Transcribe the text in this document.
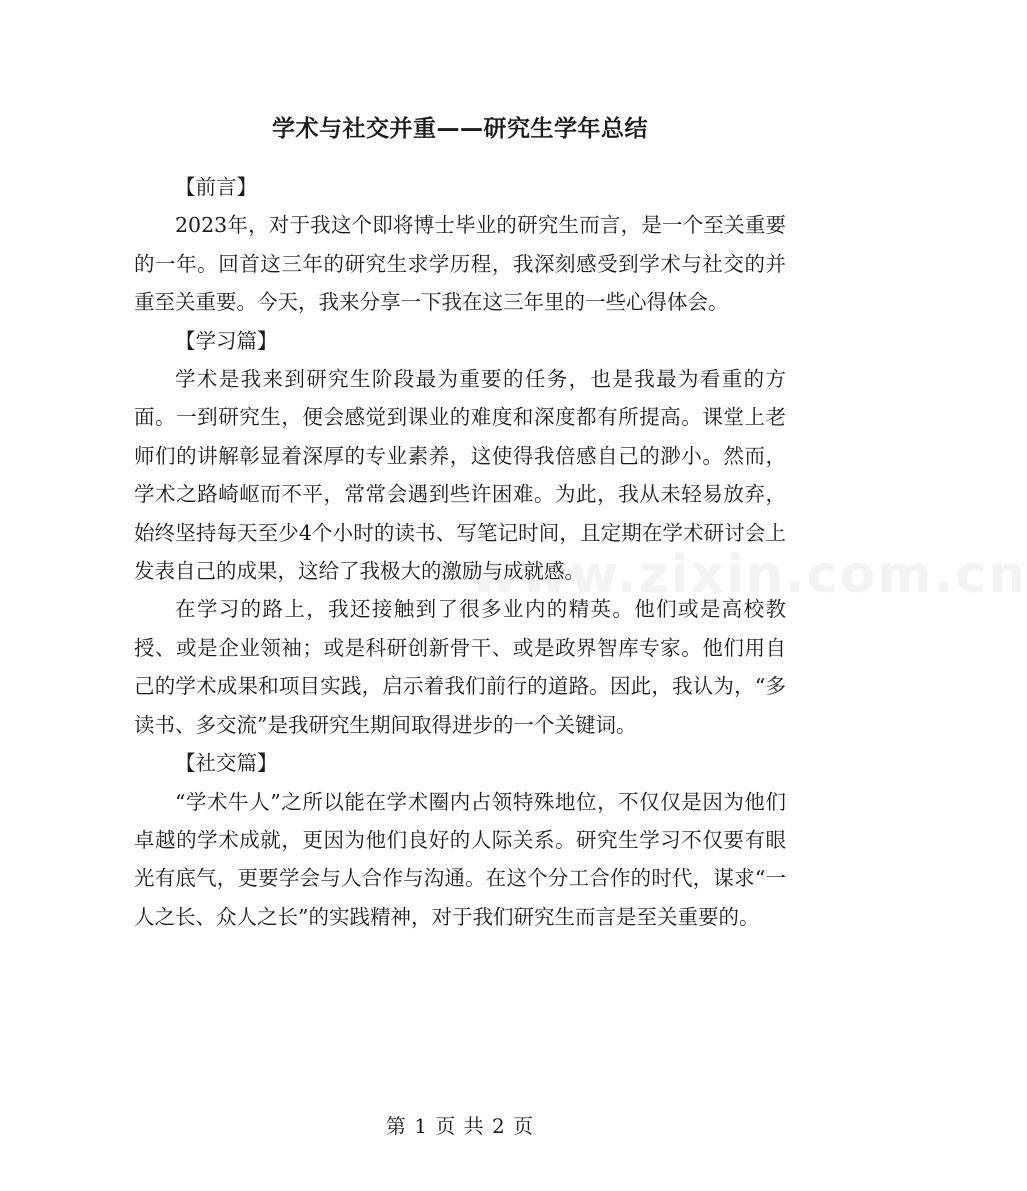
www.zixin.com.cn
学术与社交并重——研究生学年总结

【前言】

2023年，对于我这个即将博士毕业的研究生而言，是一个至关重要的一年。回首这三年的研究生求学历程，我深刻感受到学术与社交的并重至关重要。今天，我来分享一下我在这三年里的一些心得体会。

【学习篇】

学术是我来到研究生阶段最为重要的任务，也是我最为看重的方面。一到研究生，便会感觉到课业的难度和深度都有所提高。课堂上老师们的讲解彰显着深厚的专业素养，这使得我倍感自己的渺小。然而，学术之路崎岖而不平，常常会遇到些许困难。为此，我从未轻易放弃，始终坚持每天至少4个小时的读书、写笔记时间，且定期在学术研讨会上发表自己的成果，这给了我极大的激励与成就感。

在学习的路上，我还接触到了很多业内的精英。他们或是高校教授、或是企业领袖；或是科研创新骨干、或是政界智库专家。他们用自己的学术成果和项目实践，启示着我们前行的道路。因此，我认为，“多读书、多交流”是我研究生期间取得进步的一个关键词。

【社交篇】

“学术牛人”之所以能在学术圈内占领特殊地位，不仅仅是因为他们卓越的学术成就，更因为他们良好的人际关系。研究生学习不仅要有眼光有底气，更要学会与人合作与沟通。在这个分工合作的时代，谋求“一人之长、众人之长”的实践精神，对于我们研究生而言是至关重要的。

第 1 页 共 2 页
